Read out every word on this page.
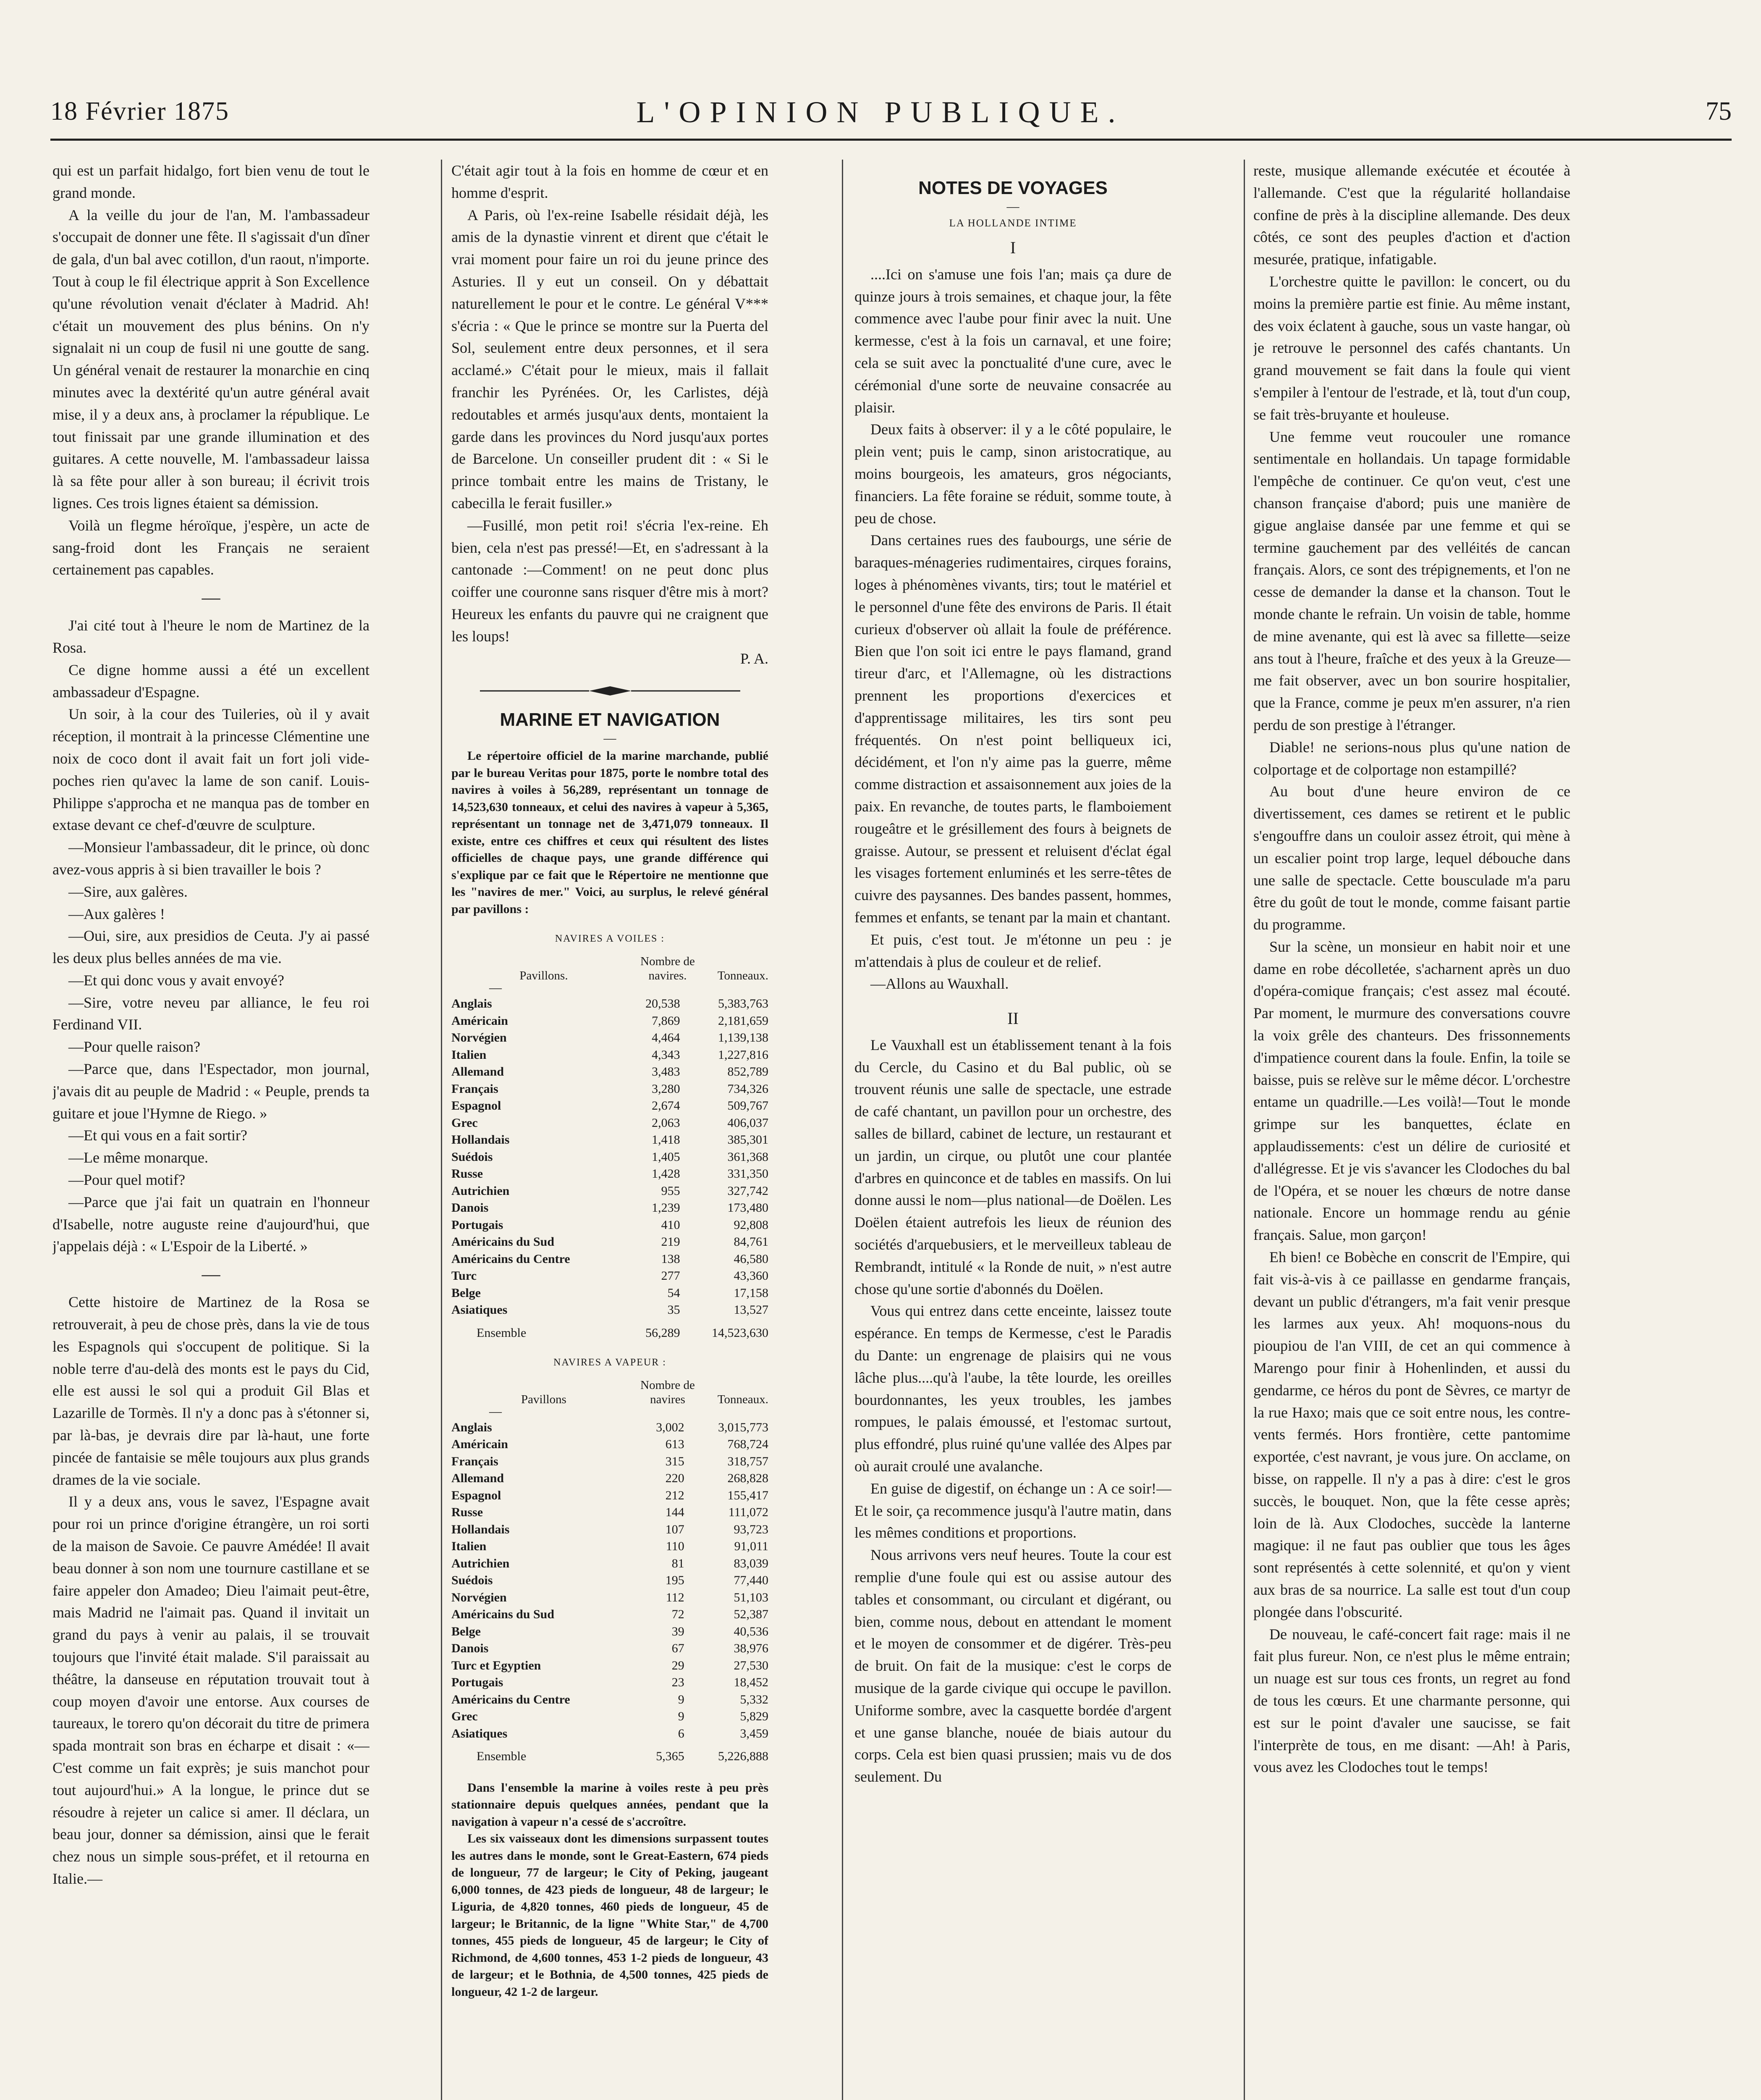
18 Février 1875	L'OPINION PUBLIQUE.	75

qui est un parfait hidalgo, fort bien venu de tout le grand monde.

A la veille du jour de l'an, M. l'ambassadeur s'occupait de donner une fête. Il s'agissait d'un dîner de gala, d'un bal avec cotillon, d'un raout, n'importe. Tout à coup le fil électrique apprit à Son Excellence qu'une révolution venait d'éclater à Madrid. Ah! c'était un mouvement des plus bénins. On n'y signalait ni un coup de fusil ni une goutte de sang. Un général venait de restaurer la monarchie en cinq minutes avec la dextérité qu'un autre général avait mise, il y a deux ans, à proclamer la république. Le tout finissait par une grande illumination et des guitares. A cette nouvelle, M. l'ambassadeur laissa là sa fête pour aller à son bureau; il écrivit trois lignes. Ces trois lignes étaient sa démission.

Voilà un flegme héroïque, j'espère, un acte de sang-froid dont les Français ne seraient certainement pas capables.

—

J'ai cité tout à l'heure le nom de Martinez de la Rosa.

Ce digne homme aussi a été un excellent ambassadeur d'Espagne.

Un soir, à la cour des Tuileries, où il y avait réception, il montrait à la princesse Clémentine une noix de coco dont il avait fait un fort joli vide-poches rien qu'avec la lame de son canif. Louis-Philippe s'approcha et ne manqua pas de tomber en extase devant ce chef-d'œuvre de sculpture.

—Monsieur l'ambassadeur, dit le prince, où donc avez-vous appris à si bien travailler le bois ?

—Sire, aux galères.

—Aux galères !

—Oui, sire, aux presidios de Ceuta. J'y ai passé les deux plus belles années de ma vie.

—Et qui donc vous y avait envoyé?

—Sire, votre neveu par alliance, le feu roi Ferdinand VII.

—Pour quelle raison?

—Parce que, dans l'Espectador, mon journal, j'avais dit au peuple de Madrid : « Peuple, prends ta guitare et joue l'Hymne de Riego. »

—Et qui vous en a fait sortir?

—Le même monarque.

—Pour quel motif?

—Parce que j'ai fait un quatrain en l'honneur d'Isabelle, notre auguste reine d'aujourd'hui, que j'appelais déjà : « L'Espoir de la Liberté. »

—

Cette histoire de Martinez de la Rosa se retrouverait, à peu de chose près, dans la vie de tous les Espagnols qui s'occupent de politique. Si la noble terre d'au-delà des monts est le pays du Cid, elle est aussi le sol qui a produit Gil Blas et Lazarille de Tormès. Il n'y a donc pas à s'étonner si, par là-bas, je devrais dire par là-haut, une forte pincée de fantaisie se mêle toujours aux plus grands drames de la vie sociale.

Il y a deux ans, vous le savez, l'Espagne avait pour roi un prince d'origine étrangère, un roi sorti de la maison de Savoie. Ce pauvre Amédée! Il avait beau donner à son nom une tournure castillane et se faire appeler don Amadeo; Dieu l'aimait peut-être, mais Madrid ne l'aimait pas. Quand il invitait un grand du pays à venir au palais, il se trouvait toujours que l'invité était malade. S'il paraissait au théâtre, la danseuse en réputation trouvait tout à coup moyen d'avoir une entorse. Aux courses de taureaux, le torero qu'on décorait du titre de primera spada montrait son bras en écharpe et disait : «—C'est comme un fait exprès; je suis manchot pour tout aujourd'hui.» A la longue, le prince dut se résoudre à rejeter un calice si amer. Il déclara, un beau jour, donner sa démission, ainsi que le ferait chez nous un simple sous-préfet, et il retourna en Italie.—

C'était agir tout à la fois en homme de cœur et en homme d'esprit.

A Paris, où l'ex-reine Isabelle résidait déjà, les amis de la dynastie vinrent et dirent que c'était le vrai moment pour faire un roi du jeune prince des Asturies. Il y eut un conseil. On y débattait naturellement le pour et le contre. Le général V*** s'écria : « Que le prince se montre sur la Puerta del Sol, seulement entre deux personnes, et il sera acclamé.» C'était pour le mieux, mais il fallait franchir les Pyrénées. Or, les Carlistes, déjà redoutables et armés jusqu'aux dents, montaient la garde dans les provinces du Nord jusqu'aux portes de Barcelone. Un conseiller prudent dit : « Si le prince tombait entre les mains de Tristany, le cabecilla le ferait fusiller.»

—Fusillé, mon petit roi! s'écria l'ex-reine. Eh bien, cela n'est pas pressé!—Et, en s'adressant à la cantonade :—Comment! on ne peut donc plus coiffer une couronne sans risquer d'être mis à mort? Heureux les enfants du pauvre qui ne craignent que les loups!

P. A.
MARINE ET NAVIGATION
—

Le répertoire officiel de la marine marchande, publié par le bureau Veritas pour 1875, porte le nombre total des navires à voiles à 56,289, représentant un tonnage de 14,523,630 tonneaux, et celui des navires à vapeur à 5,365, représentant un tonnage net de 3,471,079 tonneaux. Il existe, entre ces chiffres et ceux qui résultent des listes officielles de chaque pays, une grande différence qui s'explique par ce fait que le Répertoire ne mentionne que les "navires de mer." Voici, au surplus, le relevé général par pavillons :

NAVIRES A VOILES :
Pavillons.
Nombre de navires.	Tonneaux.
—
Anglais	20,538	5,383,763
Américain	7,869	2,181,659
Norvégien	4,464	1,139,138
Italien	4,343	1,227,816
Allemand	3,483	852,789
Français	3,280	734,326
Espagnol	2,674	509,767
Grec	2,063	406,037
Hollandais	1,418	385,301
Suédois	1,405	361,368
Russe	1,428	331,350
Autrichien	955	327,742
Danois	1,239	173,480
Portugais	410	92,808
Américains du Sud	219	84,761
Américains du Centre	138	46,580
Turc	277	43,360
Belge	54	17,158
Asiatiques	35	13,527
Ensemble	56,289	14,523,630
NAVIRES A VAPEUR :
Pavillons
Nombre de navires	Tonneaux.
—
Anglais	3,002	3,015,773
Américain	613	768,724
Français	315	318,757
Allemand	220	268,828
Espagnol	212	155,417
Russe	144	111,072
Hollandais	107	93,723
Italien	110	91,011
Autrichien	81	83,039
Suédois	195	77,440
Norvégien	112	51,103
Américains du Sud	72	52,387
Belge	39	40,536
Danois	67	38,976
Turc et Egyptien	29	27,530
Portugais	23	18,452
Américains du Centre	9	5,332
Grec	9	5,829
Asiatiques	6	3,459
Ensemble	5,365	5,226,888

Dans l'ensemble la marine à voiles reste à peu près stationnaire depuis quelques années, pendant que la navigation à vapeur n'a cessé de s'accroître.

Les six vaisseaux dont les dimensions surpassent toutes les autres dans le monde, sont le Great-Eastern, 674 pieds de longueur, 77 de largeur; le City of Peking, jaugeant 6,000 tonnes, de 423 pieds de longueur, 48 de largeur; le Liguria, de 4,820 tonnes, 460 pieds de longueur, 45 de largeur; le Britannic, de la ligne "White Star," de 4,700 tonnes, 455 pieds de longueur, 45 de largeur; le City of Richmond, de 4,600 tonnes, 453 1-2 pieds de longueur, 43 de largeur; et le Bothnia, de 4,500 tonnes, 425 pieds de longueur, 42 1-2 de largeur.

NOTES DE VOYAGES
—
LA HOLLANDE INTIME
I

....Ici on s'amuse une fois l'an; mais ça dure de quinze jours à trois semaines, et chaque jour, la fête commence avec l'aube pour finir avec la nuit. Une kermesse, c'est à la fois un carnaval, et une foire; cela se suit avec la ponctualité d'une cure, avec le cérémonial d'une sorte de neuvaine consacrée au plaisir.

Deux faits à observer: il y a le côté populaire, le plein vent; puis le camp, sinon aristocratique, au moins bourgeois, les amateurs, gros négociants, financiers. La fête foraine se réduit, somme toute, à peu de chose.

Dans certaines rues des faubourgs, une série de baraques-ménageries rudimentaires, cirques forains, loges à phénomènes vivants, tirs; tout le matériel et le personnel d'une fête des environs de Paris. Il était curieux d'observer où allait la foule de préférence. Bien que l'on soit ici entre le pays flamand, grand tireur d'arc, et l'Allemagne, où les distractions prennent les proportions d'exercices et d'apprentissage militaires, les tirs sont peu fréquentés. On n'est point belliqueux ici, décidément, et l'on n'y aime pas la guerre, même comme distraction et assaisonnement aux joies de la paix. En revanche, de toutes parts, le flamboiement rougeâtre et le grésillement des fours à beignets de graisse. Autour, se pressent et reluisent d'éclat égal les visages fortement enluminés et les serre-têtes de cuivre des paysannes. Des bandes passent, hommes, femmes et enfants, se tenant par la main et chantant.

Et puis, c'est tout. Je m'étonne un peu : je m'attendais à plus de couleur et de relief.

—Allons au Wauxhall.

II

Le Vauxhall est un établissement tenant à la fois du Cercle, du Casino et du Bal public, où se trouvent réunis une salle de spectacle, une estrade de café chantant, un pavillon pour un orchestre, des salles de billard, cabinet de lecture, un restaurant et un jardin, un cirque, ou plutôt une cour plantée d'arbres en quinconce et de tables en massifs. On lui donne aussi le nom—plus national—de Doëlen. Les Doëlen étaient autrefois les lieux de réunion des sociétés d'arquebusiers, et le merveilleux tableau de Rembrandt, intitulé « la Ronde de nuit, » n'est autre chose qu'une sortie d'abonnés du Doëlen.

Vous qui entrez dans cette enceinte, laissez toute espérance. En temps de Kermesse, c'est le Paradis du Dante: un engrenage de plaisirs qui ne vous lâche plus....qu'à l'aube, la tête lourde, les oreilles bourdonnantes, les yeux troubles, les jambes rompues, le palais émoussé, et l'estomac surtout, plus effondré, plus ruiné qu'une vallée des Alpes par où aurait croulé une avalanche.

En guise de digestif, on échange un : A ce soir!—Et le soir, ça recommence jusqu'à l'autre matin, dans les mêmes conditions et proportions.

Nous arrivons vers neuf heures. Toute la cour est remplie d'une foule qui est ou assise autour des tables et consommant, ou circulant et digérant, ou bien, comme nous, debout en attendant le moment et le moyen de consommer et de digérer. Très-peu de bruit. On fait de la musique: c'est le corps de musique de la garde civique qui occupe le pavillon. Uniforme sombre, avec la casquette bordée d'argent et une ganse blanche, nouée de biais autour du corps. Cela est bien quasi prussien; mais vu de dos seulement. Du

reste, musique allemande exécutée et écoutée à l'allemande. C'est que la régularité hollandaise confine de près à la discipline allemande. Des deux côtés, ce sont des peuples d'action et d'action mesurée, pratique, infatigable.

L'orchestre quitte le pavillon: le concert, ou du moins la première partie est finie. Au même instant, des voix éclatent à gauche, sous un vaste hangar, où je retrouve le personnel des cafés chantants. Un grand mouvement se fait dans la foule qui vient s'empiler à l'entour de l'estrade, et là, tout d'un coup, se fait très-bruyante et houleuse.

Une femme veut roucouler une romance sentimentale en hollandais. Un tapage formidable l'empêche de continuer. Ce qu'on veut, c'est une chanson française d'abord; puis une manière de gigue anglaise dansée par une femme et qui se termine gauchement par des velléités de cancan français. Alors, ce sont des trépignements, et l'on ne cesse de demander la danse et la chanson. Tout le monde chante le refrain. Un voisin de table, homme de mine avenante, qui est là avec sa fillette—seize ans tout à l'heure, fraîche et des yeux à la Greuze—me fait observer, avec un bon sourire hospitalier, que la France, comme je peux m'en assurer, n'a rien perdu de son prestige à l'étranger.

Diable! ne serions-nous plus qu'une nation de colportage et de colportage non estampillé?

Au bout d'une heure environ de ce divertissement, ces dames se retirent et le public s'engouffre dans un couloir assez étroit, qui mène à un escalier point trop large, lequel débouche dans une salle de spectacle. Cette bousculade m'a paru être du goût de tout le monde, comme faisant partie du programme.

Sur la scène, un monsieur en habit noir et une dame en robe décolletée, s'acharnent après un duo d'opéra-comique français; c'est assez mal écouté. Par moment, le murmure des conversations couvre la voix grêle des chanteurs. Des frissonnements d'impatience courent dans la foule. Enfin, la toile se baisse, puis se relève sur le même décor. L'orchestre entame un quadrille.—Les voilà!—Tout le monde grimpe sur les banquettes, éclate en applaudissements: c'est un délire de curiosité et d'allégresse. Et je vis s'avancer les Clodoches du bal de l'Opéra, et se nouer les chœurs de notre danse nationale. Encore un hommage rendu au génie français. Salue, mon garçon!

Eh bien! ce Bobèche en conscrit de l'Empire, qui fait vis-à-vis à ce paillasse en gendarme français, devant un public d'étrangers, m'a fait venir presque les larmes aux yeux. Ah! moquons-nous du pioupiou de l'an VIII, de cet an qui commence à Marengo pour finir à Hohenlinden, et aussi du gendarme, ce héros du pont de Sèvres, ce martyr de la rue Haxo; mais que ce soit entre nous, les contre-vents fermés. Hors frontière, cette pantomime exportée, c'est navrant, je vous jure. On acclame, on bisse, on rappelle. Il n'y a pas à dire: c'est le gros succès, le bouquet. Non, que la fête cesse après; loin de là. Aux Clodoches, succède la lanterne magique: il ne faut pas oublier que tous les âges sont représentés à cette solennité, et qu'on y vient aux bras de sa nourrice. La salle est tout d'un coup plongée dans l'obscurité.

De nouveau, le café-concert fait rage: mais il ne fait plus fureur. Non, ce n'est plus le même entrain; un nuage est sur tous ces fronts, un regret au fond de tous les cœurs. Et une charmante personne, qui est sur le point d'avaler une saucisse, se fait l'interprète de tous, en me disant: —Ah! à Paris, vous avez les Clodoches tout le temps!
